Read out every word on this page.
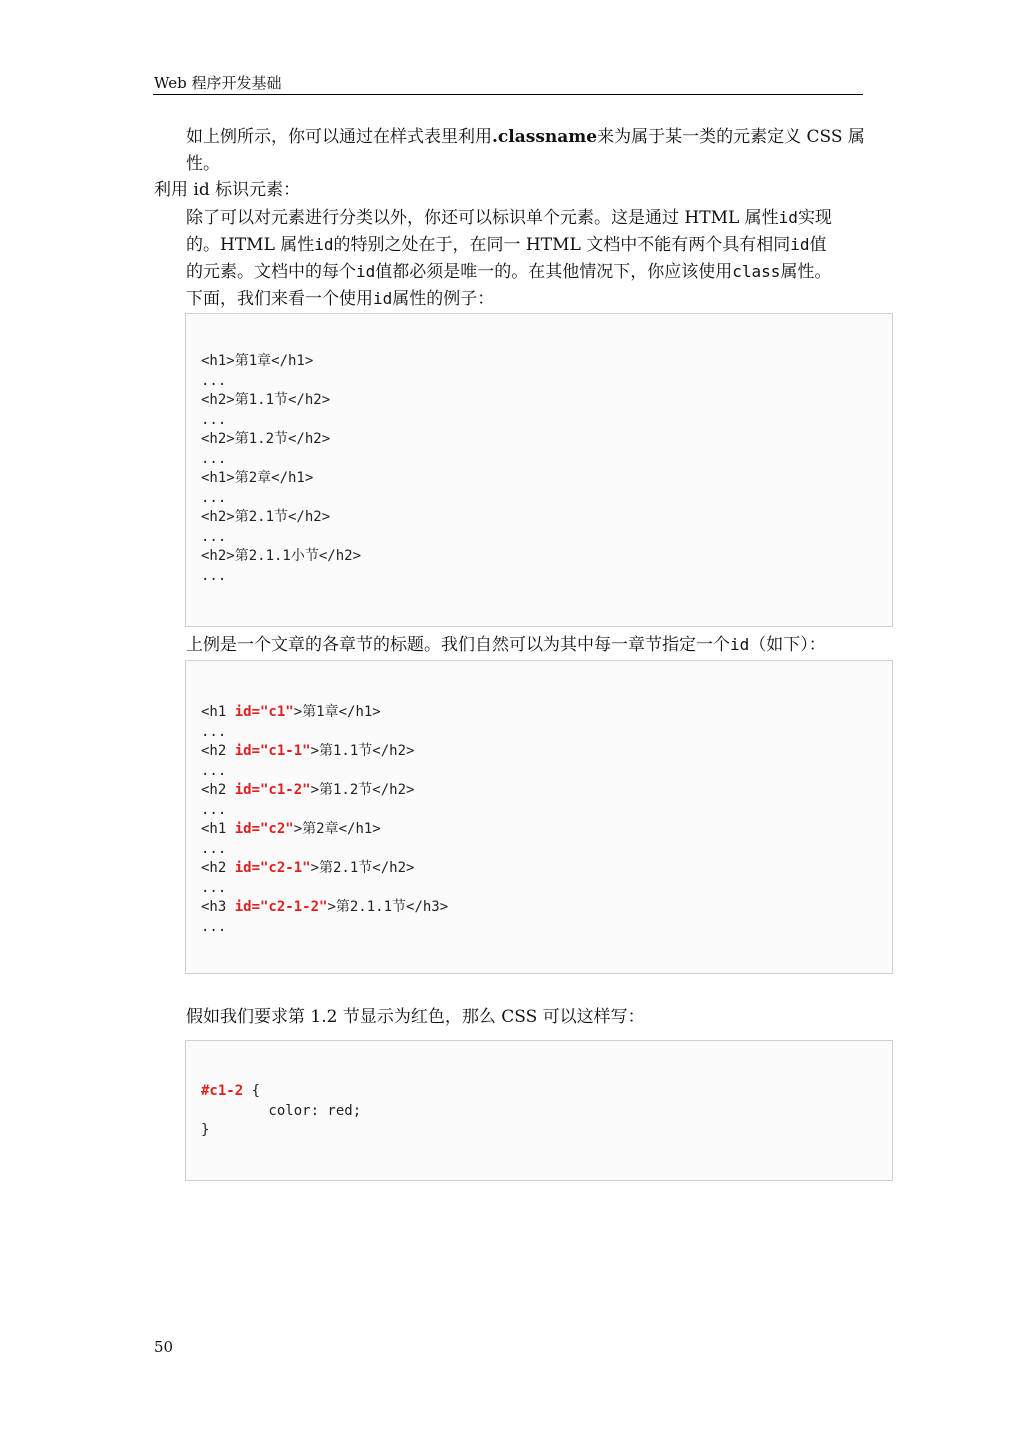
Web 程序开发基础
如上例所示，你可以通过在样式表里利用.classname来为属于某一类的元素定义 CSS 属
性。
利用 id 标识元素：
除了可以对元素进行分类以外，你还可以标识单个元素。这是通过 HTML 属性id实现
的。HTML 属性id的特别之处在于，在同一 HTML 文档中不能有两个具有相同id值
的元素。文档中的每个id值都必须是唯一的。在其他情况下，你应该使用class属性。
下面，我们来看一个使用id属性的例子：
<h1>第1章</h1>
...
<h2>第1.1节</h2>
...
<h2>第1.2节</h2>
...
<h1>第2章</h1>
...
<h2>第2.1节</h2>
...
<h2>第2.1.1小节</h2>
...
上例是一个文章的各章节的标题。我们自然可以为其中每一章节指定一个id（如下）：
<h1 id="c1">第1章</h1>
...
<h2 id="c1-1">第1.1节</h2>
...
<h2 id="c1-2">第1.2节</h2>
...
<h1 id="c2">第2章</h1>
...
<h2 id="c2-1">第2.1节</h2>
...
<h3 id="c2-1-2">第2.1.1节</h3>
...
假如我们要求第 1.2 节显示为红色，那么 CSS 可以这样写：
#c1-2 {
color: red;
}
50
